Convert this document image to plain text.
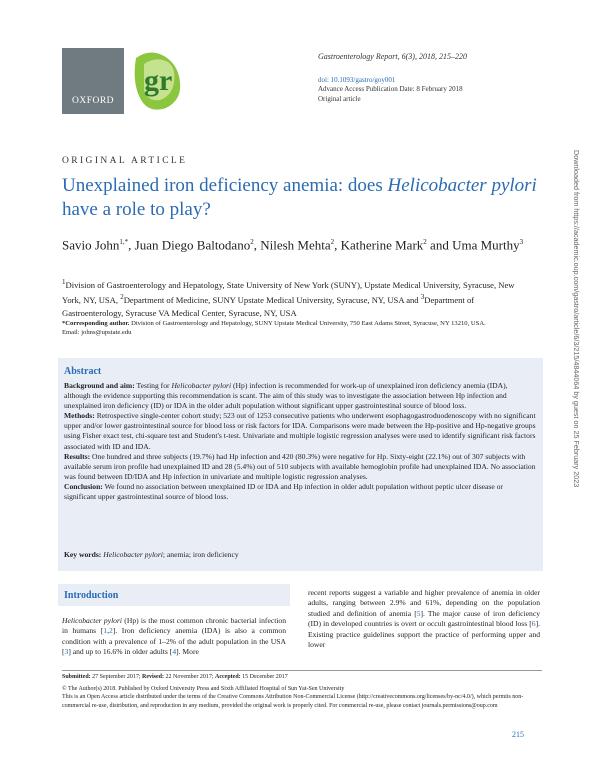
OXFORD
gr
Gastroenterology Report, 6(3), 2018, 215–220
doi: 10.1093/gastro/goy001
Advance Access Publication Date: 8 February 2018
Original article
ORIGINAL ARTICLE
Unexplained iron deficiency anemia: does Helicobacter pylori have a role to play?
Savio John$^{1,*}$, Juan Diego Baltodano$^2$, Nilesh Mehta$^2$, Katherine Mark$^2$ and Uma Murthy$^3$
$^1$Division of Gastroenterology and Hepatology, State University of New York (SUNY), Upstate Medical University, Syracuse, New York, NY, USA, $^2$Department of Medicine, SUNY Upstate Medical University, Syracuse, NY, USA and $^3$Department of Gastroenterology, Syracuse VA Medical Center, Syracuse, NY, USA
*Corresponding author. Division of Gastroenterology and Hepatology, SUNY Upstate Medical University, 750 East Adams Street, Syracuse, NY 13210, USA.
Email: johns@upstate.edu
Abstract

Background and aim: Testing for Helicobacter pylori (Hp) infection is recommended for work-up of unexplained iron deficiency anemia (IDA), although the evidence supporting this recommendation is scant. The aim of this study was to investigate the association between Hp infection and unexplained iron deficiency (ID) or IDA in the older adult population without significant upper gastrointestinal source of blood loss.

Methods: Retrospective single-center cohort study; 523 out of 1253 consecutive patients who underwent esophagogastroduodenoscopy with no significant upper and/or lower gastrointestinal source for blood loss or risk factors for IDA. Comparisons were made between the Hp-positive and Hp-negative groups using Fisher exact test, chi-square test and Student's t-test. Univariate and multiple logistic regression analyses were used to identify significant risk factors associated with ID and IDA.

Results: One hundred and three subjects (19.7%) had Hp infection and 420 (80.3%) were negative for Hp. Sixty-eight (22.1%) out of 307 subjects with available serum iron profile had unexplained ID and 28 (5.4%) out of 510 subjects with available hemoglobin profile had unexplained IDA. No association was found between ID/IDA and Hp infection in univariate and multiple logistic regression analyses.

Conclusion: We found no association between unexplained ID or IDA and Hp infection in older adult population without peptic ulcer disease or significant upper gastrointestinal source of blood loss.

Key words: Helicobacter pylori; anemia; iron deficiency
Introduction
Helicobacter pylori (Hp) is the most common chronic bacterial infection in humans [1,2]. Iron deficiency anemia (IDA) is also a common condition with a prevalence of 1–2% of the adult population in the USA [3] and up to 16.6% in older adults [4]. More
recent reports suggest a variable and higher prevalence of anemia in older adults, ranging between 2.9% and 61%, depending on the population studied and definition of anemia [5]. The major cause of iron deficiency (ID) in developed countries is overt or occult gastrointestinal blood loss [6]. Existing practice guidelines support the practice of performing upper and lower
Submitted: 27 September 2017; Revised: 22 November 2017; Accepted: 15 December 2017
© The Author(s) 2018. Published by Oxford University Press and Sixth Affiliated Hospital of Sun Yat-Sen University
This is an Open Access article distributed under the terms of the Creative Commons Attribution Non-Commercial License (http://creativecommons.org/licenses/by-nc/4.0/), which permits non-commercial re-use, distribution, and reproduction in any medium, provided the original work is properly cited. For commercial re-use, please contact journals.permissions@oup.com
215
Downloaded from https://academic.oup.com/gastro/article/6/3/215/4844064 by guest on 25 February 2023
